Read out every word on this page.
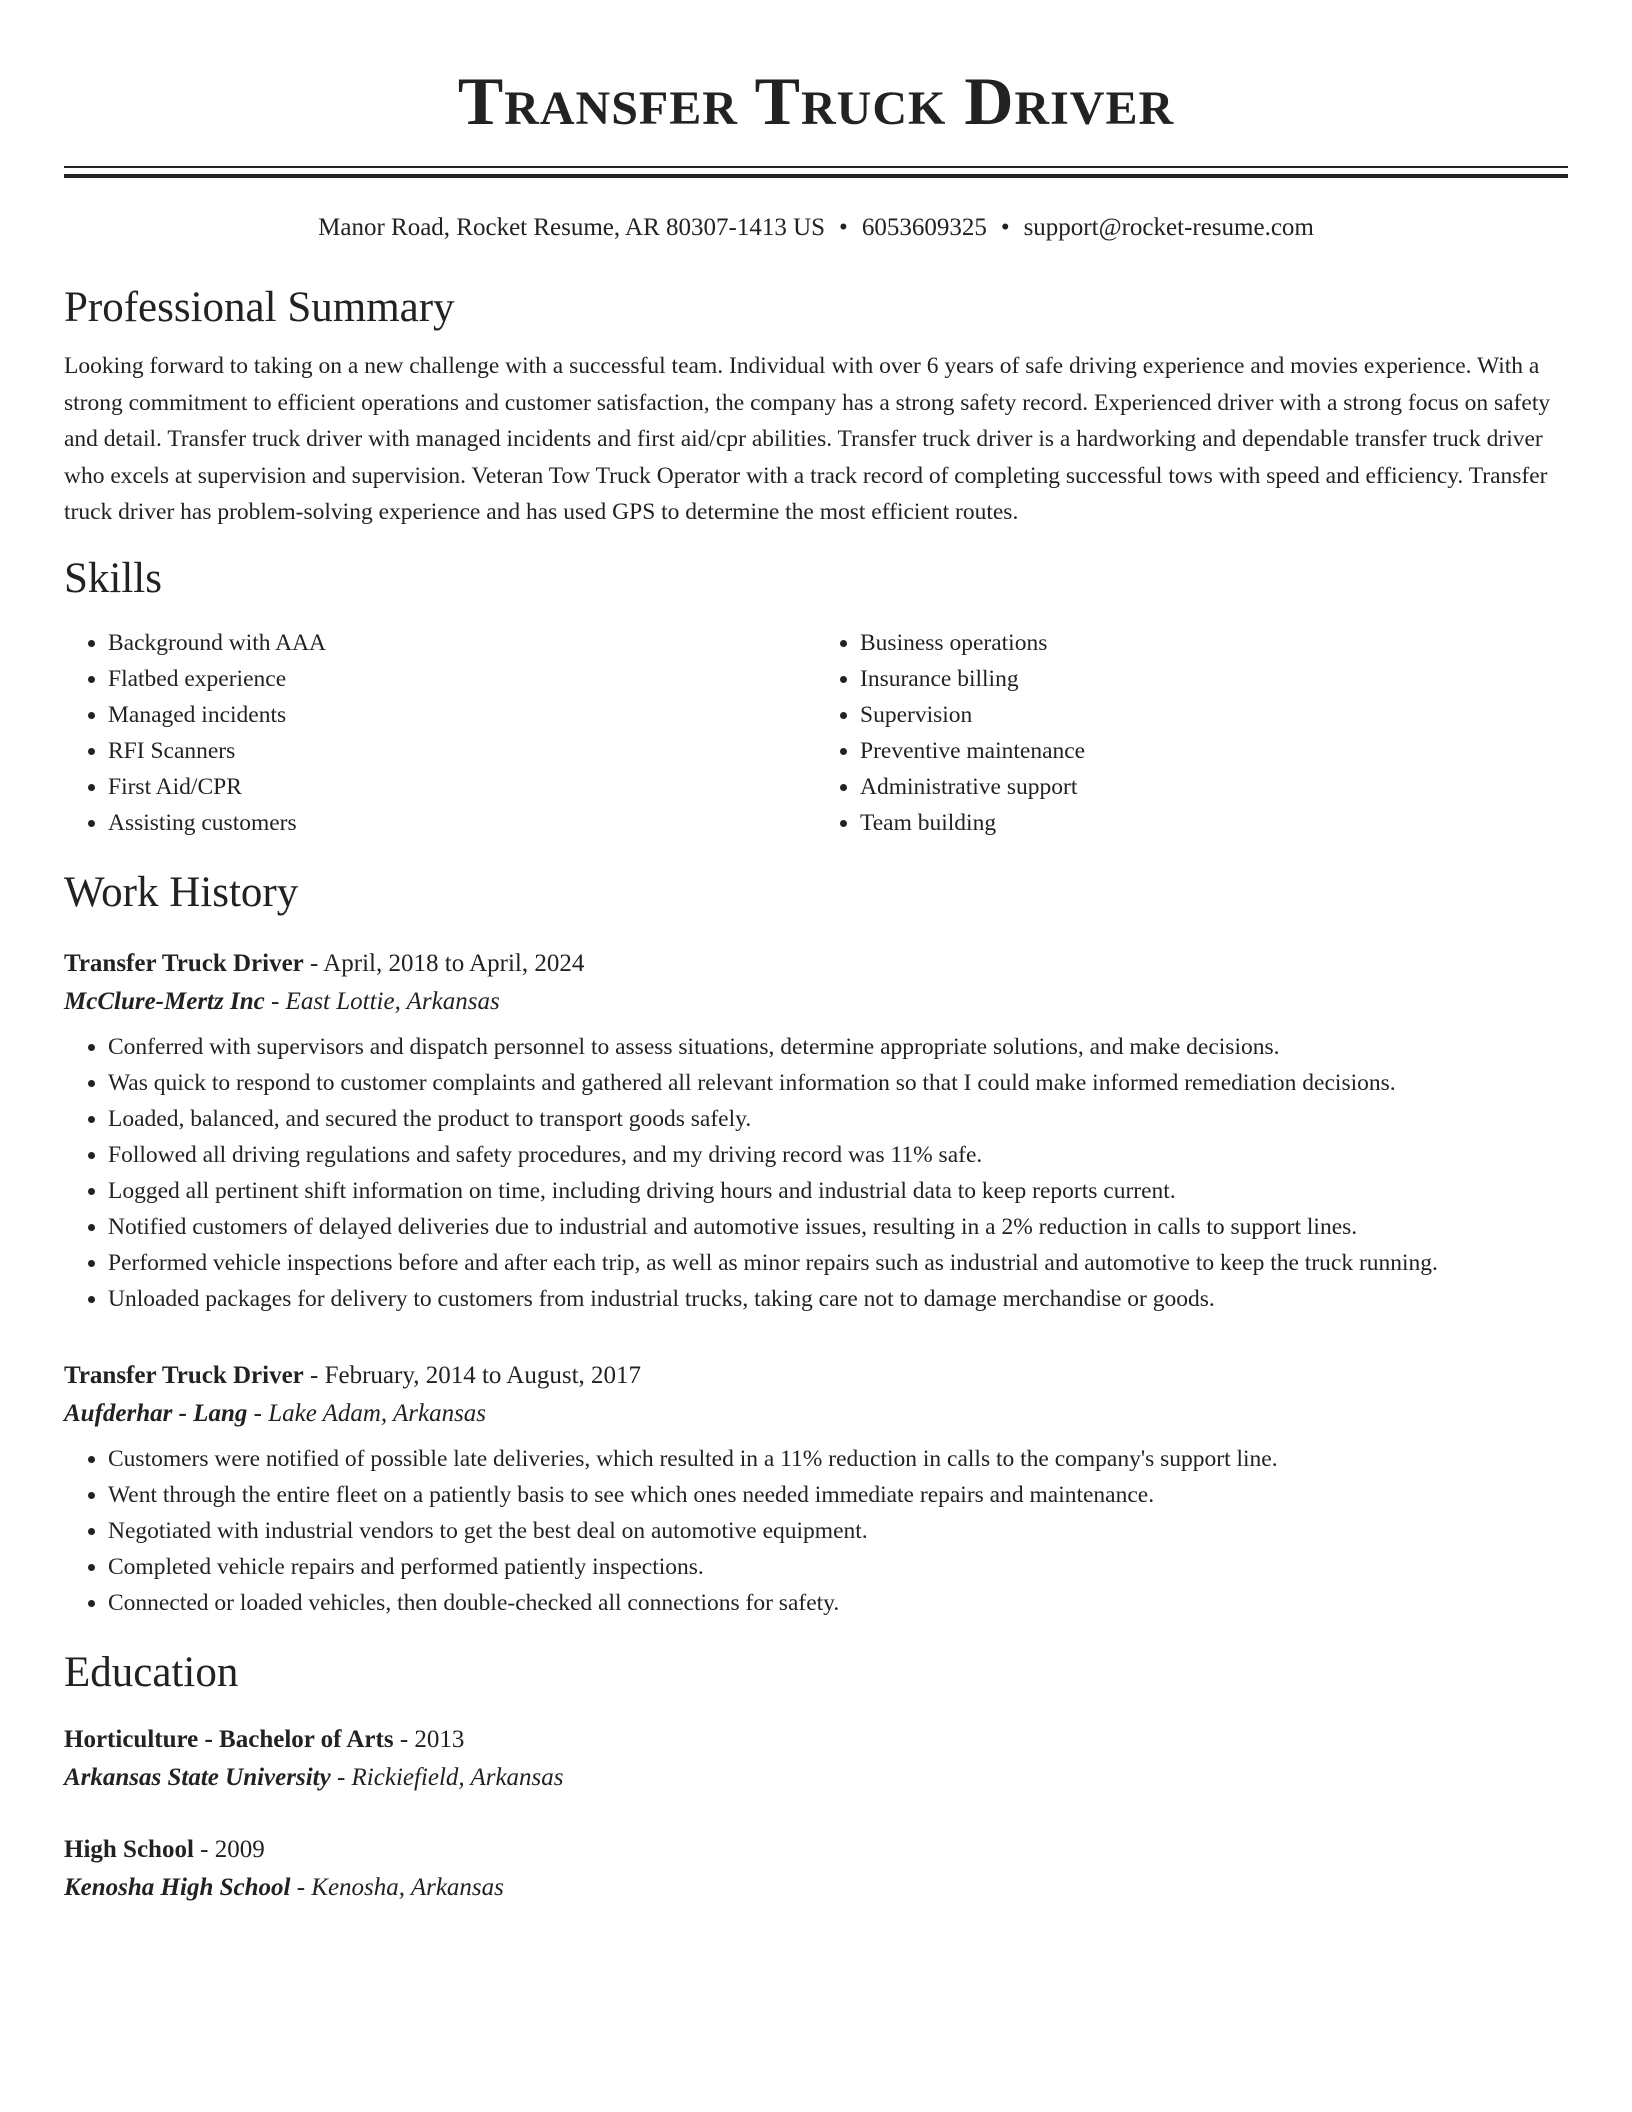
Transfer Truck Driver
Manor Road, Rocket Resume, AR 80307-1413 US • 6053609325 • support@rocket-resume.com
Professional Summary

Looking forward to taking on a new challenge with a successful team. Individual with over 6 years of safe driving experience and movies experience. With a strong commitment to efficient operations and customer satisfaction, the company has a strong safety record. Experienced driver with a strong focus on safety and detail. Transfer truck driver with managed incidents and first aid/cpr abilities. Transfer truck driver is a hardworking and dependable transfer truck driver who excels at supervision and supervision. Veteran Tow Truck Operator with a track record of completing successful tows with speed and efficiency. Transfer truck driver has problem-solving experience and has used GPS to determine the most efficient routes.

Skills
• Background with AAA
• Flatbed experience
• Managed incidents
• RFI Scanners
• First Aid/CPR
• Assisting customers
• Business operations
• Insurance billing
• Supervision
• Preventive maintenance
• Administrative support
• Team building
Work History
Transfer Truck Driver - April, 2018 to April, 2024
McClure-Mertz Inc - East Lottie, Arkansas
• Conferred with supervisors and dispatch personnel to assess situations, determine appropriate solutions, and make decisions.
• Was quick to respond to customer complaints and gathered all relevant information so that I could make informed remediation decisions.
• Loaded, balanced, and secured the product to transport goods safely.
• Followed all driving regulations and safety procedures, and my driving record was 11% safe.
• Logged all pertinent shift information on time, including driving hours and industrial data to keep reports current.
• Notified customers of delayed deliveries due to industrial and automotive issues, resulting in a 2% reduction in calls to support lines.
• Performed vehicle inspections before and after each trip, as well as minor repairs such as industrial and automotive to keep the truck running.
• Unloaded packages for delivery to customers from industrial trucks, taking care not to damage merchandise or goods.
Transfer Truck Driver - February, 2014 to August, 2017
Aufderhar - Lang - Lake Adam, Arkansas
• Customers were notified of possible late deliveries, which resulted in a 11% reduction in calls to the company's support line.
• Went through the entire fleet on a patiently basis to see which ones needed immediate repairs and maintenance.
• Negotiated with industrial vendors to get the best deal on automotive equipment.
• Completed vehicle repairs and performed patiently inspections.
• Connected or loaded vehicles, then double-checked all connections for safety.
Education
Horticulture - Bachelor of Arts - 2013
Arkansas State University - Rickiefield, Arkansas
High School - 2009
Kenosha High School - Kenosha, Arkansas
